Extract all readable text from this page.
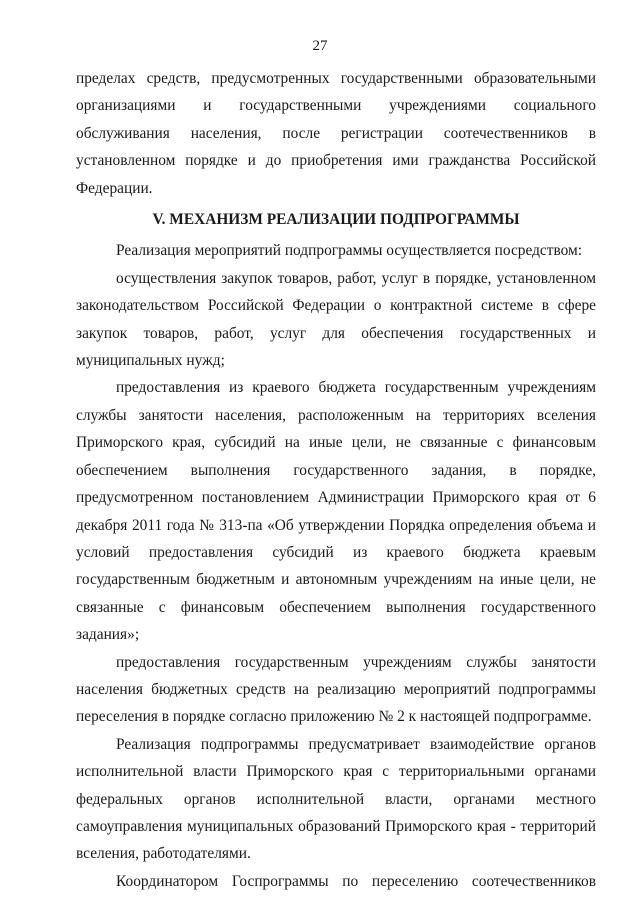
27

пределах средств, предусмотренных государственными образовательными организациями и государственными учреждениями социального обслуживания населения, после регистрации соотечественников в установленном порядке и до приобретения ими гражданства Российской Федерации.

V. МЕХАНИЗМ РЕАЛИЗАЦИИ ПОДПРОГРАММЫ

Реализация мероприятий подпрограммы осуществляется посредством:

осуществления закупок товаров, работ, услуг в порядке, установленном законодательством Российской Федерации о контрактной системе в сфере закупок товаров, работ, услуг для обеспечения государственных и муниципальных нужд;

предоставления из краевого бюджета государственным учреждениям службы занятости населения, расположенным на территориях вселения Приморского края, субсидий на иные цели, не связанные с финансовым обеспечением выполнения государственного задания, в порядке, предусмотренном постановлением Администрации Приморского края от 6 декабря 2011 года № 313-па «Об утверждении Порядка определения объема и условий предоставления субсидий из краевого бюджета краевым государственным бюджетным и автономным учреждениям на иные цели, не связанные с финансовым обеспечением выполнения государственного задания»;

предоставления государственным учреждениям службы занятости населения бюджетных средств на реализацию мероприятий подпрограммы переселения в порядке согласно приложению № 2 к настоящей подпрограмме.

Реализация подпрограммы предусматривает взаимодействие органов исполнительной власти Приморского края с территориальными органами федеральных органов исполнительной власти, органами местного самоуправления муниципальных образований Приморского края - территорий вселения, работодателями.

Координатором Госпрограммы по переселению соотечественников
